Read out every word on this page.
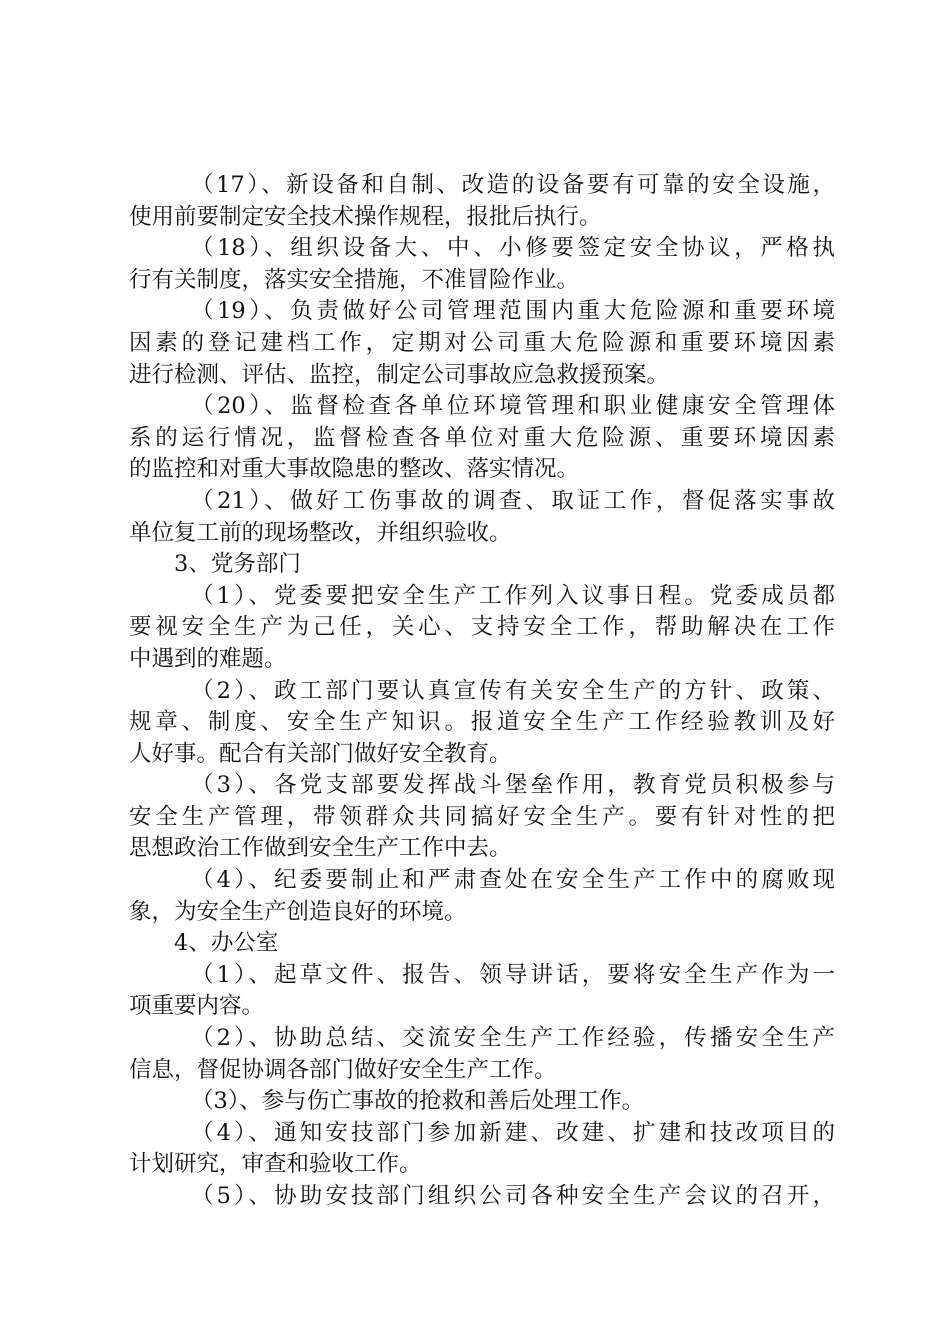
（17）、新设备和自制、改造的设备要有可靠的安全设施，
使用前要制定安全技术操作规程，报批后执行。
（18）、组织设备大、中、小修要签定安全协议，严格执
行有关制度，落实安全措施，不准冒险作业。
（19）、负责做好公司管理范围内重大危险源和重要环境
因素的登记建档工作，定期对公司重大危险源和重要环境因素
进行检测、评估、监控，制定公司事故应急救援预案。
（20）、监督检查各单位环境管理和职业健康安全管理体
系的运行情况，监督检查各单位对重大危险源、重要环境因素
的监控和对重大事故隐患的整改、落实情况。
（21）、做好工伤事故的调查、取证工作，督促落实事故
单位复工前的现场整改，并组织验收。
3、党务部门
（1）、党委要把安全生产工作列入议事日程。党委成员都
要视安全生产为己任，关心、支持安全工作，帮助解决在工作
中遇到的难题。
（2）、政工部门要认真宣传有关安全生产的方针、政策、
规章、制度、安全生产知识。报道安全生产工作经验教训及好
人好事。配合有关部门做好安全教育。
（3）、各党支部要发挥战斗堡垒作用，教育党员积极参与
安全生产管理，带领群众共同搞好安全生产。要有针对性的把
思想政治工作做到安全生产工作中去。
（4）、纪委要制止和严肃查处在安全生产工作中的腐败现
象，为安全生产创造良好的环境。
4、办公室
（1）、起草文件、报告、领导讲话，要将安全生产作为一
项重要内容。
（2）、协助总结、交流安全生产工作经验，传播安全生产
信息，督促协调各部门做好安全生产工作。
（3）、参与伤亡事故的抢救和善后处理工作。
（4）、通知安技部门参加新建、改建、扩建和技改项目的
计划研究，审查和验收工作。
（5）、协助安技部门组织公司各种安全生产会议的召开，
